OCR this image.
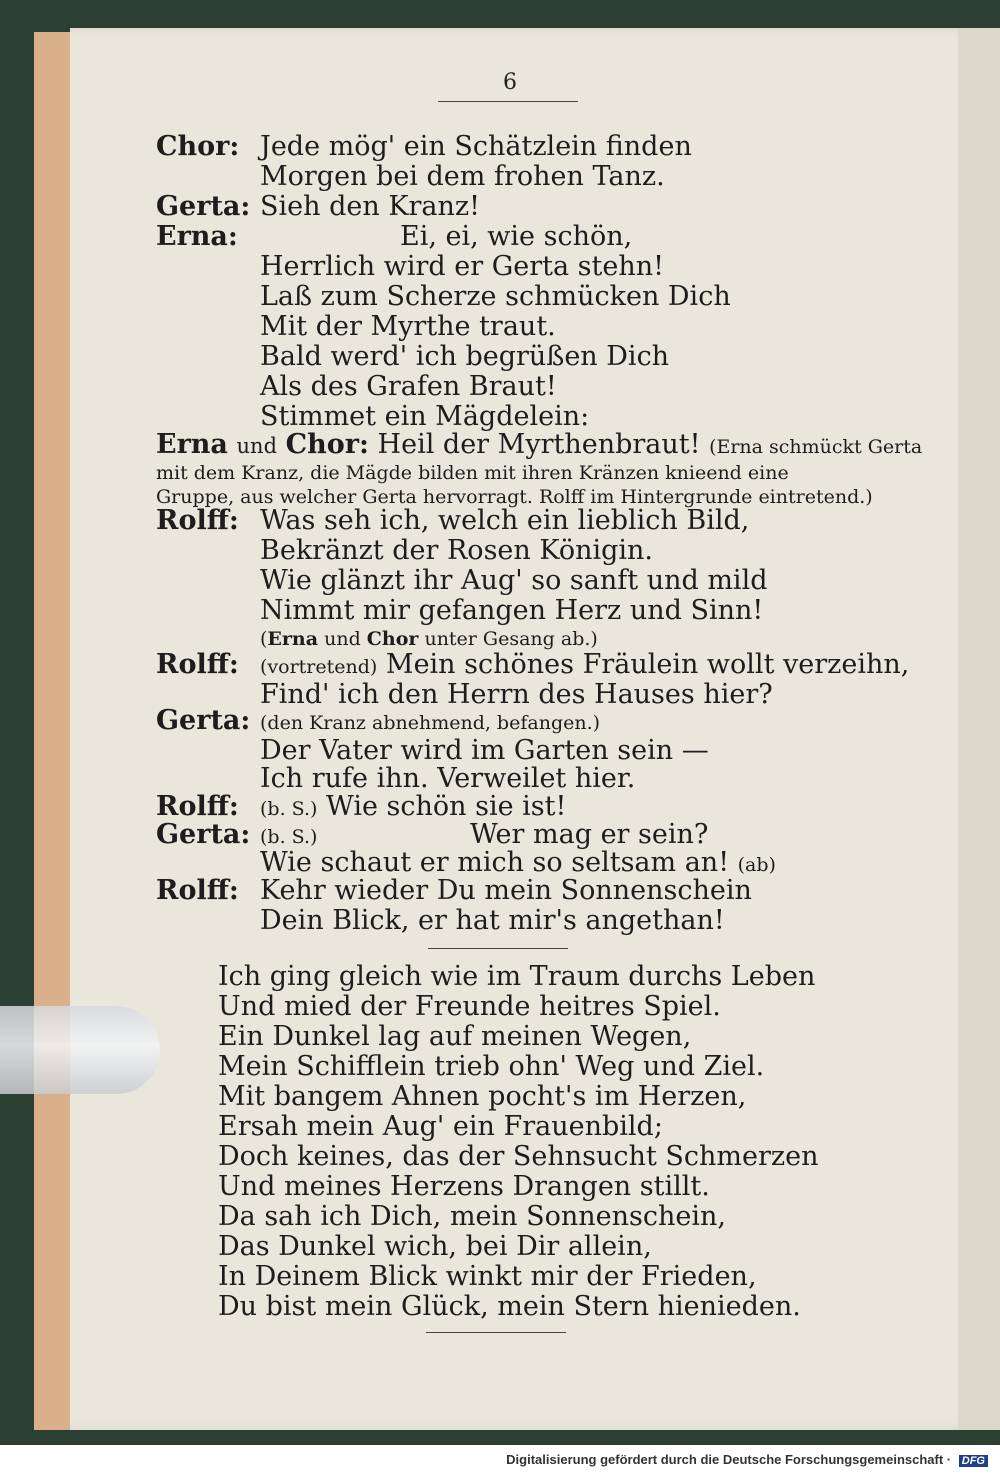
6
Chor: Jede mög' ein Schätzlein finden
Morgen bei dem frohen Tanz.
Gerta: Sieh den Kranz!
Erna:	Ei, ei, wie schön,
Herrlich wird er Gerta stehn!
Laß zum Scherze schmücken Dich
Mit der Myrthe traut.
Bald werd' ich begrüßen Dich
Als des Grafen Braut!
Stimmet ein Mägdelein:
Erna und Chor: Heil der Myrthenbraut! (Erna schmückt Gerta
mit dem Kranz, die Mägde bilden mit ihren Kränzen knieend eine
Gruppe, aus welcher Gerta hervorragt. Rolff im Hintergrunde eintretend.)
Rolff: Was seh ich, welch ein lieblich Bild,
Bekränzt der Rosen Königin.
Wie glänzt ihr Aug' so sanft und mild
Nimmt mir gefangen Herz und Sinn!
(Erna und Chor unter Gesang ab.)
Rolff: (vortretend) Mein schönes Fräulein wollt verzeihn,
Find' ich den Herrn des Hauses hier?
Gerta: (den Kranz abnehmend, befangen.)
Der Vater wird im Garten sein —
Ich rufe ihn. Verweilet hier.
Rolff: (b. S.) Wie schön sie ist!
Gerta: (b. S.)	Wer mag er sein?
Wie schaut er mich so seltsam an! (ab)
Rolff: Kehr wieder Du mein Sonnenschein
Dein Blick, er hat mir's angethan!
Ich ging gleich wie im Traum durchs Leben
Und mied der Freunde heitres Spiel.
Ein Dunkel lag auf meinen Wegen,
Mein Schifflein trieb ohn' Weg und Ziel.
Mit bangem Ahnen pocht's im Herzen,
Ersah mein Aug' ein Frauenbild;
Doch keines, das der Sehnsucht Schmerzen
Und meines Herzens Drangen stillt.
Da sah ich Dich, mein Sonnenschein,
Das Dunkel wich, bei Dir allein,
In Deinem Blick winkt mir der Frieden,
Du bist mein Glück, mein Stern hienieden.
Digitalisierung gefördert durch die Deutsche Forschungsgemeinschaft · DFG
